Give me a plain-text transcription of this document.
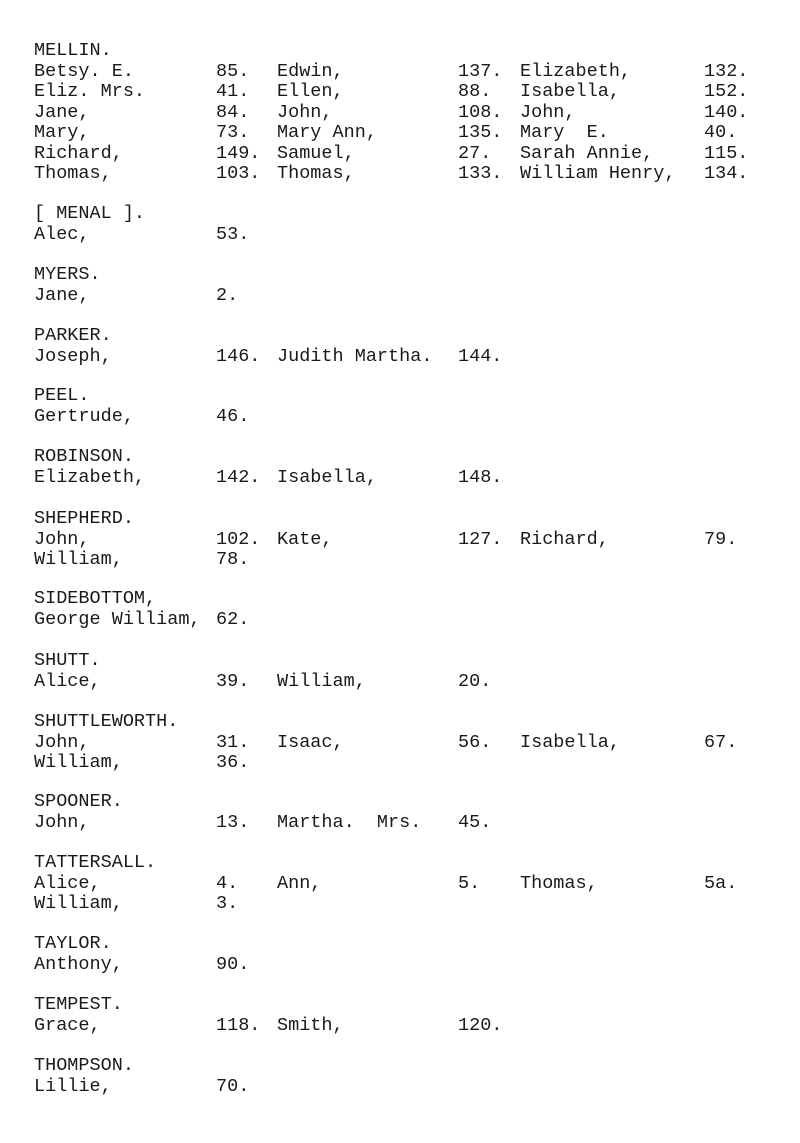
MELLIN.
Betsy. E.	85. Edwin,	137. Elizabeth,	132.
Eliz. Mrs.	41. Ellen,	88. Isabella,	152.
Jane,	84. John,	108. John,	140.
Mary,	73. Mary Ann,	135. Mary  E.	40.
Richard,	149. Samuel,	27. Sarah Annie,	115.
Thomas,	103. Thomas,	133. William Henry, 134.
[ MENAL ].
Alec,	53.
MYERS.
Jane,	2.
PARKER.
Joseph,	146. Judith Martha. 144.
PEEL.
Gertrude,	46.
ROBINSON.
Elizabeth,	142. Isabella,	148.
SHEPHERD.
John,	102. Kate,	127. Richard,	79.
William,	78.
SIDEBOTTOM,
George William, 62.
SHUTT.
Alice,	39. William,	20.
SHUTTLEWORTH.
John,	31. Isaac,	56. Isabella,	67.
William,	36.
SPOONER.
John,	13. Martha.  Mrs. 45.
TATTERSALL.
Alice,	4. Ann,	5. Thomas,	5a.
William,	3.
TAYLOR.
Anthony,	90.
TEMPEST.
Grace,	118. Smith,	120.
THOMPSON.
Lillie,	70.
